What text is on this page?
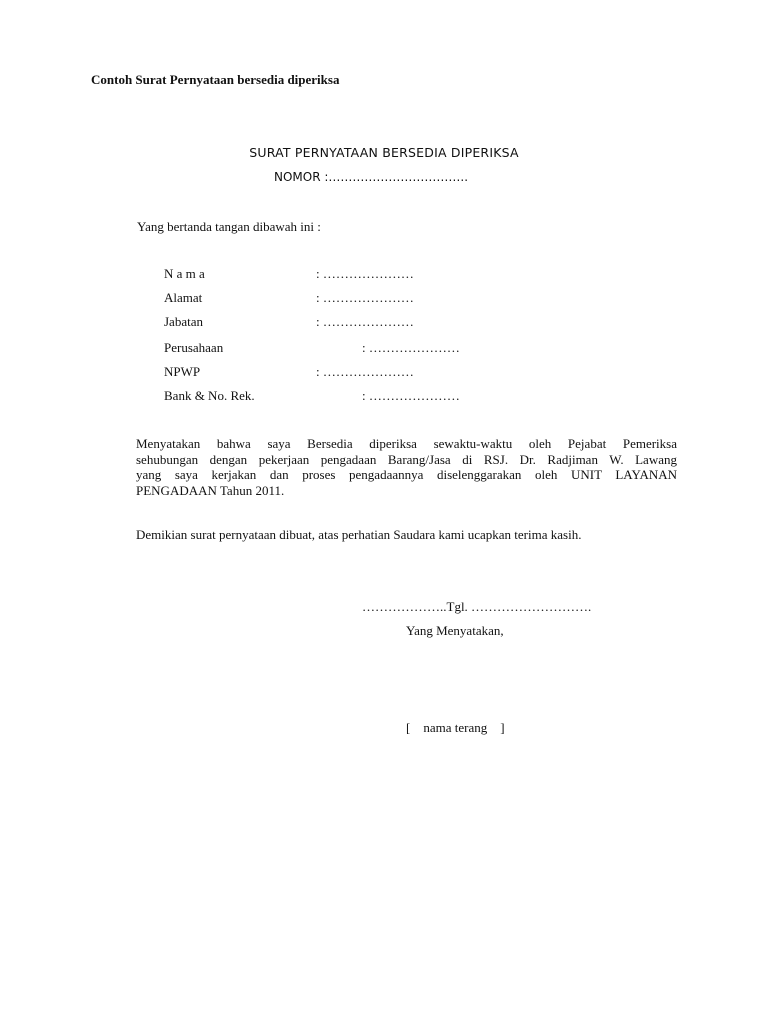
Contoh Surat Pernyataan bersedia diperiksa
SURAT PERNYATAAN BERSEDIA DIPERIKSA
NOMOR :……………………………..
Yang bertanda tangan dibawah ini :
N a m a	: …………………
Alamat	: …………………
Jabatan	: …………………
Perusahaan	: …………………
NPWP	: …………………
Bank & No. Rek.	: …………………
Menyatakan bahwa saya Bersedia diperiksa sewaktu-waktu oleh Pejabat Pemeriksa
sehubungan dengan pekerjaan pengadaan Barang/Jasa di RSJ. Dr. Radjiman W. Lawang
yang saya kerjakan dan proses pengadaannya diselenggarakan oleh UNIT LAYANAN
PENGADAAN Tahun 2011.
Demikian surat pernyataan dibuat, atas perhatian Saudara kami ucapkan terima kasih.
………………..Tgl. ……………………….
Yang Menyatakan,
[    nama terang    ]
